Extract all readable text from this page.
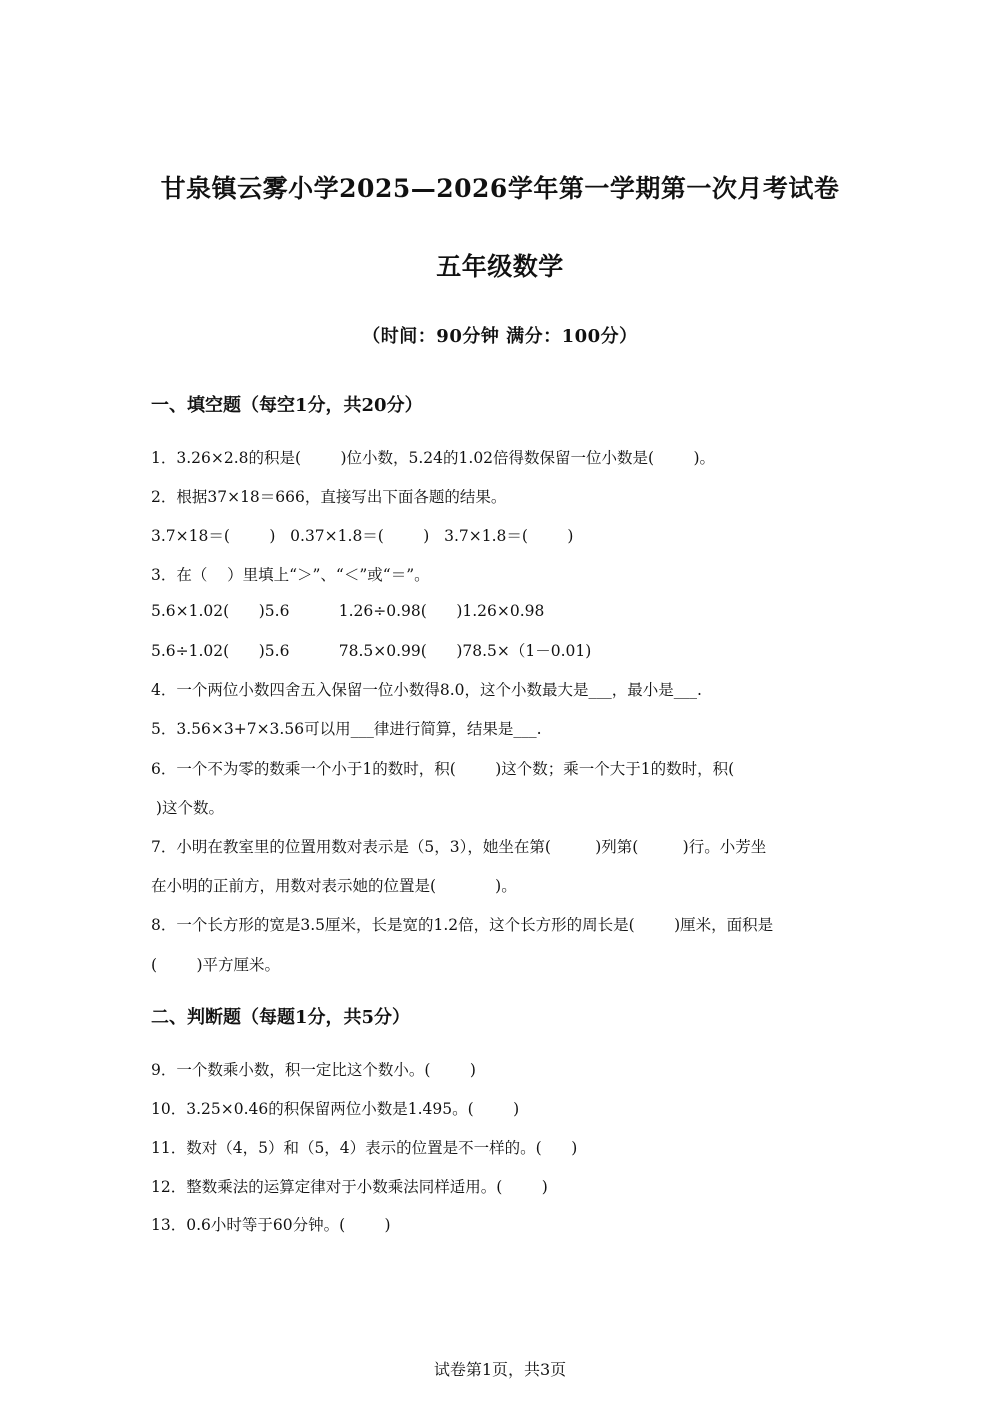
甘泉镇云雾小学2025—2026学年第一学期第一次月考试卷
五年级数学
（时间：90分钟 满分：100分）
一、填空题（每空1分，共20分）
1．3.26×2.8的积是(        )位小数，5.24的1.02倍得数保留一位小数是(        )。
2．根据37×18＝666，直接写出下面各题的结果。
3.7×18＝(        )   0.37×1.8＝(        )   3.7×1.8＝(        )
3．在（    ）里填上“＞”、“＜”或“＝”。
5.6×1.02(      )5.6          1.26÷0.98(      )1.26×0.98
5.6÷1.02(      )5.6          78.5×0.99(      )78.5×（1－0.01)
4．一个两位小数四舍五入保留一位小数得8.0，这个小数最大是___，最小是___.
5．3.56×3+7×3.56可以用___律进行简算，结果是___.
6．一个不为零的数乘一个小于1的数时，积(        )这个数；乘一个大于1的数时，积(
)这个数。
7．小明在教室里的位置用数对表示是（5，3），她坐在第(         )列第(         )行。小芳坐
在小明的正前方，用数对表示她的位置是(            )。
8．一个长方形的宽是3.5厘米，长是宽的1.2倍，这个长方形的周长是(        )厘米，面积是
(        )平方厘米。
二、判断题（每题1分，共5分）
9．一个数乘小数，积一定比这个数小。(        )
10．3.25×0.46的积保留两位小数是1.495。(        )
11．数对（4，5）和（5，4）表示的位置是不一样的。(      )
12．整数乘法的运算定律对于小数乘法同样适用。(        )
13．0.6小时等于60分钟。(        )
试卷第1页，共3页
